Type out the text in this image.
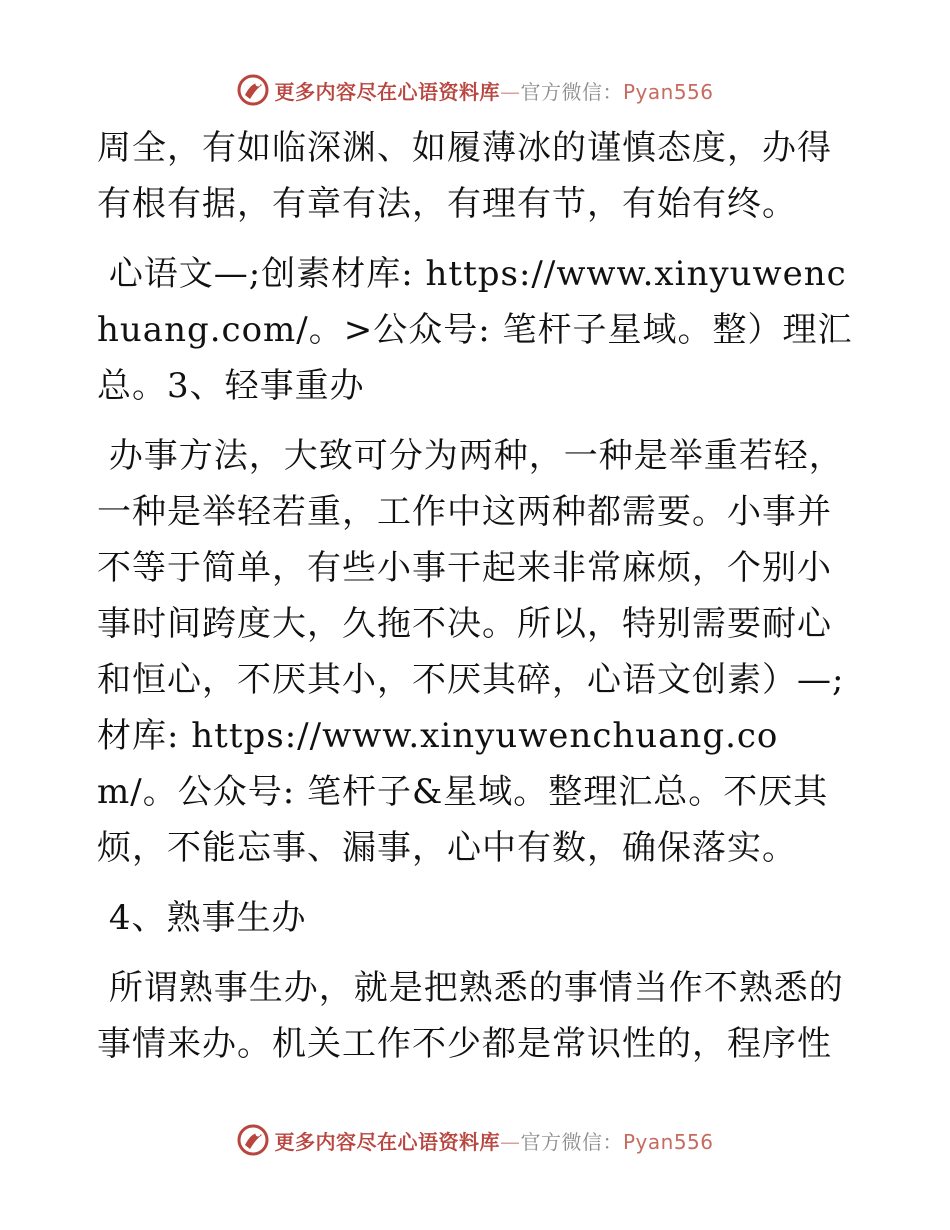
更多内容尽在心语资料库—官方微信：Pyan556

周全，有如临深渊、如履薄冰的谨慎态度，办得有根有据，有章有法，有理有节，有始有终。

心语文—;创素材库: https://www.xinyuwenchuang.com/。>公众号: 笔杆子星域。整）理汇总。3、轻事重办

办事方法，大致可分为两种，一种是举重若轻，一种是举轻若重，工作中这两种都需要。小事并不等于简单，有些小事干起来非常麻烦，个别小事时间跨度大，久拖不决。所以，特别需要耐心和恒心，不厌其小，不厌其碎，心语文创素）—;材库: https://www.xinyuwenchuang.com/。公众号: 笔杆子&星域。整理汇总。不厌其烦，不能忘事、漏事，心中有数，确保落实。

4、熟事生办

所谓熟事生办，就是把熟悉的事情当作不熟悉的事情来办。机关工作不少都是常识性的，程序性

更多内容尽在心语资料库—官方微信：Pyan556
